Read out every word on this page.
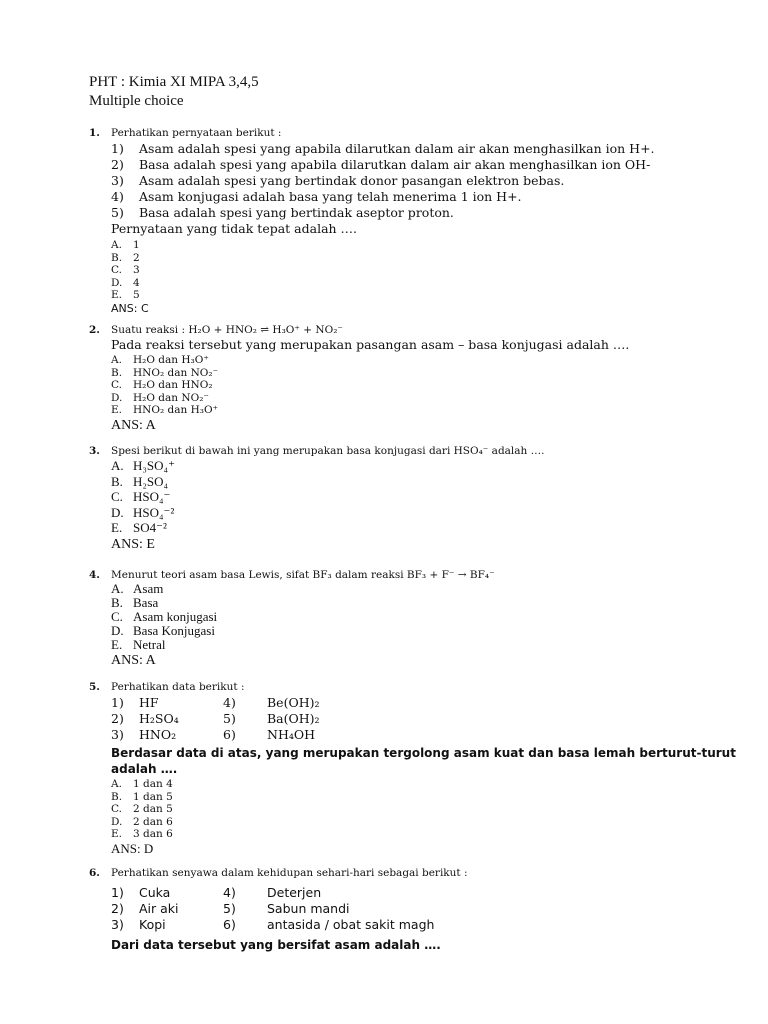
PHT : Kimia XI MIPA 3,4,5
Multiple choice
1. Perhatikan pernyataan berikut :
1) Asam adalah spesi yang apabila dilarutkan dalam air akan menghasilkan ion H+.
2) Basa adalah spesi yang apabila dilarutkan dalam air akan menghasilkan ion OH-
3) Asam adalah spesi yang bertindak donor pasangan elektron bebas.
4) Asam konjugasi adalah basa yang telah menerima 1 ion H+.
5) Basa adalah spesi yang bertindak aseptor proton.
Pernyataan yang tidak tepat adalah ….
A. 1
B. 2
C. 3
D. 4
E. 5
ANS: C
2. Suatu reaksi : H₂O + HNO₂ ⇌ H₃O⁺ + NO₂⁻
Pada reaksi tersebut yang merupakan pasangan asam – basa konjugasi adalah ….
A. H₂O dan H₃O⁺
B. HNO₂ dan NO₂⁻
C. H₂O dan HNO₂
D. H₂O dan NO₂⁻
E. HNO₂ dan H₃O⁺
ANS: A
3. Spesi berikut di bawah ini yang merupakan basa konjugasi dari HSO₄⁻ adalah ….
A. H₃SO₄⁺
B. H₂SO₄
C. HSO₄⁻
D. HSO₄⁻²
E. SO4⁻²
ANS: E
4. Menurut teori asam basa Lewis, sifat BF₃ dalam reaksi BF₃ + F⁻ → BF₄⁻
A. Asam
B. Basa
C. Asam konjugasi
D. Basa Konjugasi
E. Netral
ANS: A
5. Perhatikan data berikut :
1)	HF	4)	Be(OH)₂
2)	H₂SO₄	5)	Ba(OH)₂
3)	HNO₂	6)	NH₄OH
Berdasar data di atas, yang merupakan tergolong asam kuat dan basa lemah berturut-turut
adalah ….
A. 1 dan 4
B. 1 dan 5
C. 2 dan 5
D. 2 dan 6
E. 3 dan 6
ANS: D
6. Perhatikan senyawa dalam kehidupan sehari-hari sebagai berikut :
1)	Cuka	4)	Deterjen
2)	Air aki	5)	Sabun mandi
3)	Kopi	6)	antasida / obat sakit magh
Dari data tersebut yang bersifat asam adalah ….
